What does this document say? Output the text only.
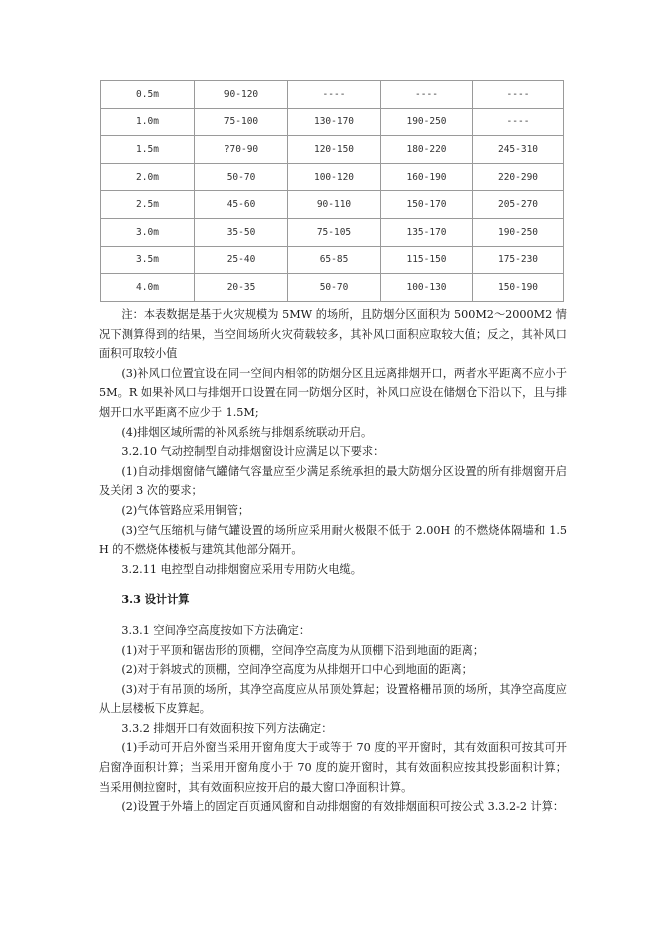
0.5m	90-120	----	----	----
1.0m	75-100	130-170	190-250	----
1.5m	?70-90	120-150	180-220	245-310
2.0m	50-70	100-120	160-190	220-290
2.5m	45-60	90-110	150-170	205-270
3.0m	35-50	75-105	135-170	190-250
3.5m	25-40	65-85	115-150	175-230
4.0m	20-35	50-70	100-130	150-190

注：本表数据是基于火灾规模为 5MW 的场所，且防烟分区面积为 500M2～2000M2 情况下测算得到的结果，当空间场所火灾荷载较多，其补风口面积应取较大值；反之，其补风口面积可取较小值

(3)补风口位置宜设在同一空间内相邻的防烟分区且远离排烟开口，两者水平距离不应小于 5M。R 如果补风口与排烟开口设置在同一防烟分区时，补风口应设在储烟仓下沿以下，且与排烟开口水平距离不应少于 1.5M;

(4)排烟区域所需的补风系统与排烟系统联动开启。

3.2.10 气动控制型自动排烟窗设计应满足以下要求：

(1)自动排烟窗储气罐储气容量应至少满足系统承担的最大防烟分区设置的所有排烟窗开启及关闭 3 次的要求；

(2)气体管路应采用铜管；

(3)空气压缩机与储气罐设置的场所应采用耐火极限不低于 2.00H 的不燃烧体隔墙和 1.5H 的不燃烧体楼板与建筑其他部分隔开。

3.2.11 电控型自动排烟窗应采用专用防火电缆。

3.3 设计计算

3.3.1 空间净空高度按如下方法确定：

(1)对于平顶和锯齿形的顶棚，空间净空高度为从顶棚下沿到地面的距离；

(2)对于斜坡式的顶棚，空间净空高度为从排烟开口中心到地面的距离；

(3)对于有吊顶的场所，其净空高度应从吊顶处算起；设置格栅吊顶的场所，其净空高度应从上层楼板下皮算起。

3.3.2 排烟开口有效面积按下列方法确定：

(1)手动可开启外窗当采用开窗角度大于或等于 70 度的平开窗时，其有效面积可按其可开启窗净面积计算；当采用开窗角度小于 70 度的旋开窗时，其有效面积应按其投影面积计算；当采用侧拉窗时，其有效面积应按开启的最大窗口净面积计算。

(2)设置于外墙上的固定百页通风窗和自动排烟窗的有效排烟面积可按公式 3.3.2-2 计算：
